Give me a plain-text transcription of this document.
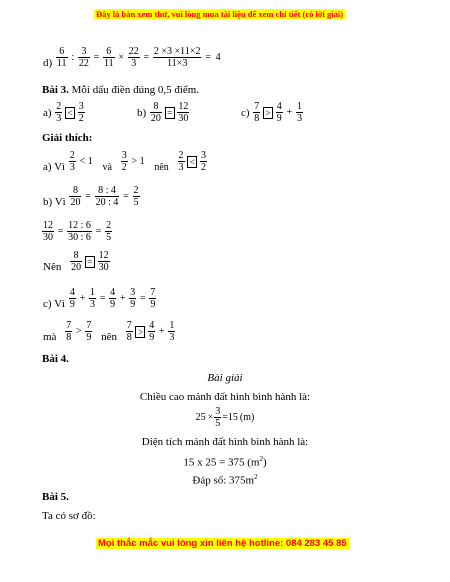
Đây là bản xem thử, vui lòng mua tài liệu để xem chi tiết (có lời giải)
$d) \frac{6}{11}$ : $\frac{3}{22} = \frac{6}{11} \times \frac{22}{3} = \frac{2 \times 3 \times 11\times 2}{11\times 3} = 4$
Bài 3. Mỗi dấu điền đúng 0,5 điểm.
$a) \frac{2}{3} < \frac{3}{2}$	$b) \frac{8}{20} = \frac{12}{30}$	$c) \frac{7}{8} > \frac{4}{9} + \frac{1}{3}$
Giải thích:
a) Vì $\frac{2}{3} < 1$ và $\frac{3}{2} > 1$ nên $\frac{2}{3} < \frac{3}{2}$
b) Vì $\frac{8}{20} = \frac{8 : 4}{20 : 4} = \frac{2}{5}$
$\frac{12}{30} = \frac{12 : 6}{30 : 6} = \frac{2}{5}$
Nên $\frac{8}{20} = \frac{12}{30}$
c) Vì $\frac{4}{9} + \frac{1}{3} = \frac{4}{9} + \frac{3}{9} = \frac{7}{9}$
mà $\frac{7}{8} > \frac{7}{9}$ nên $\frac{7}{8} > \frac{4}{9} + \frac{1}{3}$
Bài 4.
Bài giải
Chiều cao mảnh đất hình bình hành là:
$25 \times \frac{3}{5} =15$ (m)
Diện tích mảnh đất hình bình hành là:
15 x 25 = 375 $(m^2)$
Đáp số: $375m^2$
Bài 5.
Ta có sơ đồ:
Mọi thắc mắc vui lòng xin liên hệ hotline: 084 283 45 85
